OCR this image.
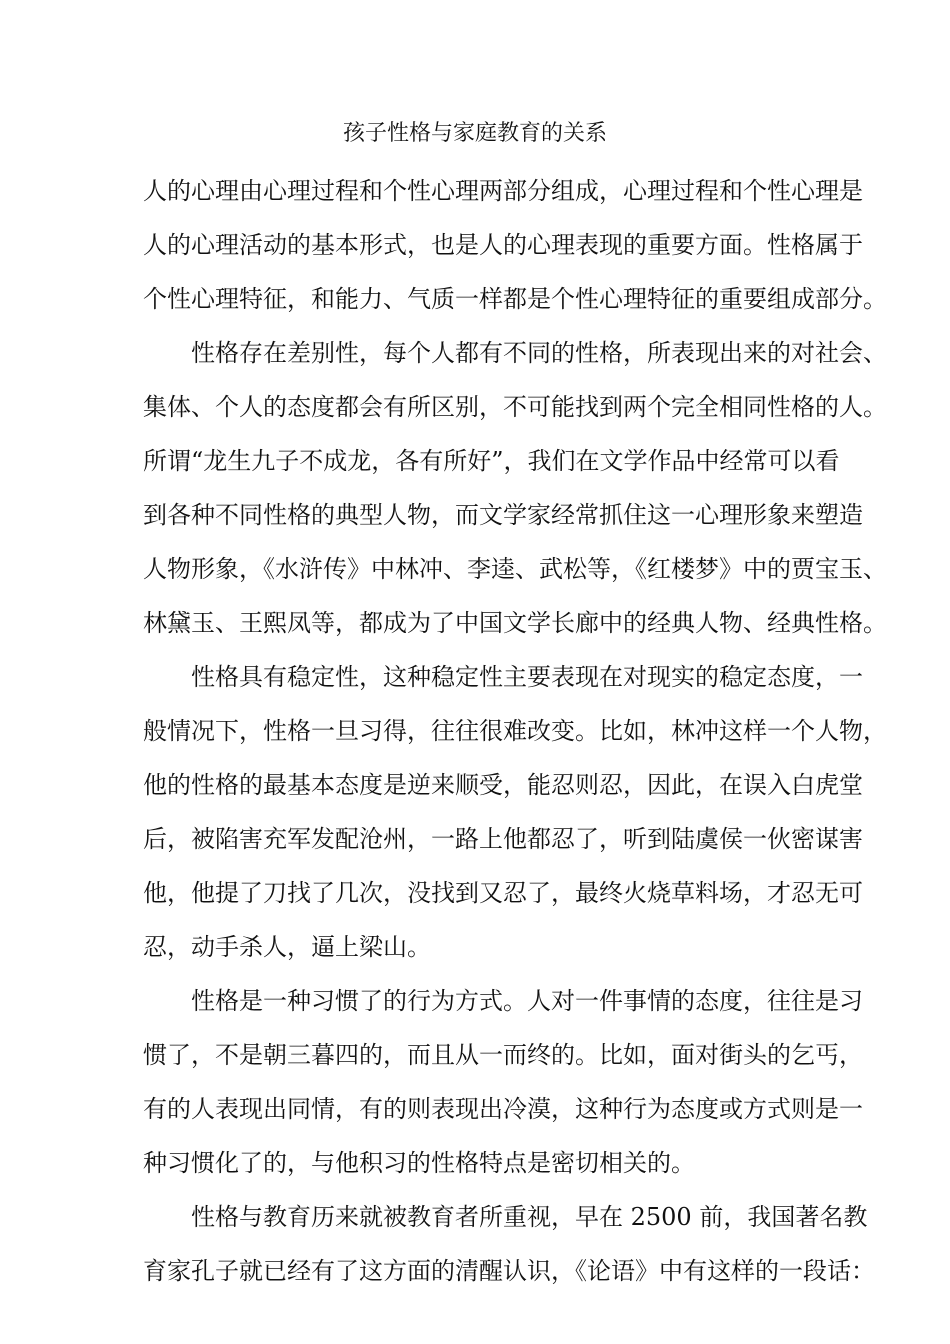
孩子性格与家庭教育的关系
人的心理由心理过程和个性心理两部分组成，心理过程和个性心理是
人的心理活动的基本形式，也是人的心理表现的重要方面。性格属于
个性心理特征，和能力、气质一样都是个性心理特征的重要组成部分。
性格存在差别性，每个人都有不同的性格，所表现出来的对社会、
集体、个人的态度都会有所区别，不可能找到两个完全相同性格的人。
所谓“龙生九子不成龙，各有所好”，我们在文学作品中经常可以看
到各种不同性格的典型人物，而文学家经常抓住这一心理形象来塑造
人物形象，《水浒传》中林冲、李逵、武松等，《红楼梦》中的贾宝玉、
林黛玉、王熙凤等，都成为了中国文学长廊中的经典人物、经典性格。
性格具有稳定性，这种稳定性主要表现在对现实的稳定态度，一
般情况下，性格一旦习得，往往很难改变。比如，林冲这样一个人物，
他的性格的最基本态度是逆来顺受，能忍则忍，因此，在误入白虎堂
后，被陷害充军发配沧州，一路上他都忍了，听到陆虞侯一伙密谋害
他，他提了刀找了几次，没找到又忍了，最终火烧草料场，才忍无可
忍，动手杀人，逼上梁山。
性格是一种习惯了的行为方式。人对一件事情的态度，往往是习
惯了，不是朝三暮四的，而且从一而终的。比如，面对街头的乞丐，
有的人表现出同情，有的则表现出冷漠，这种行为态度或方式则是一
种习惯化了的，与他积习的性格特点是密切相关的。
性格与教育历来就被教育者所重视，早在 2500 前，我国著名教
育家孔子就已经有了这方面的清醒认识，《论语》中有这样的一段话：
